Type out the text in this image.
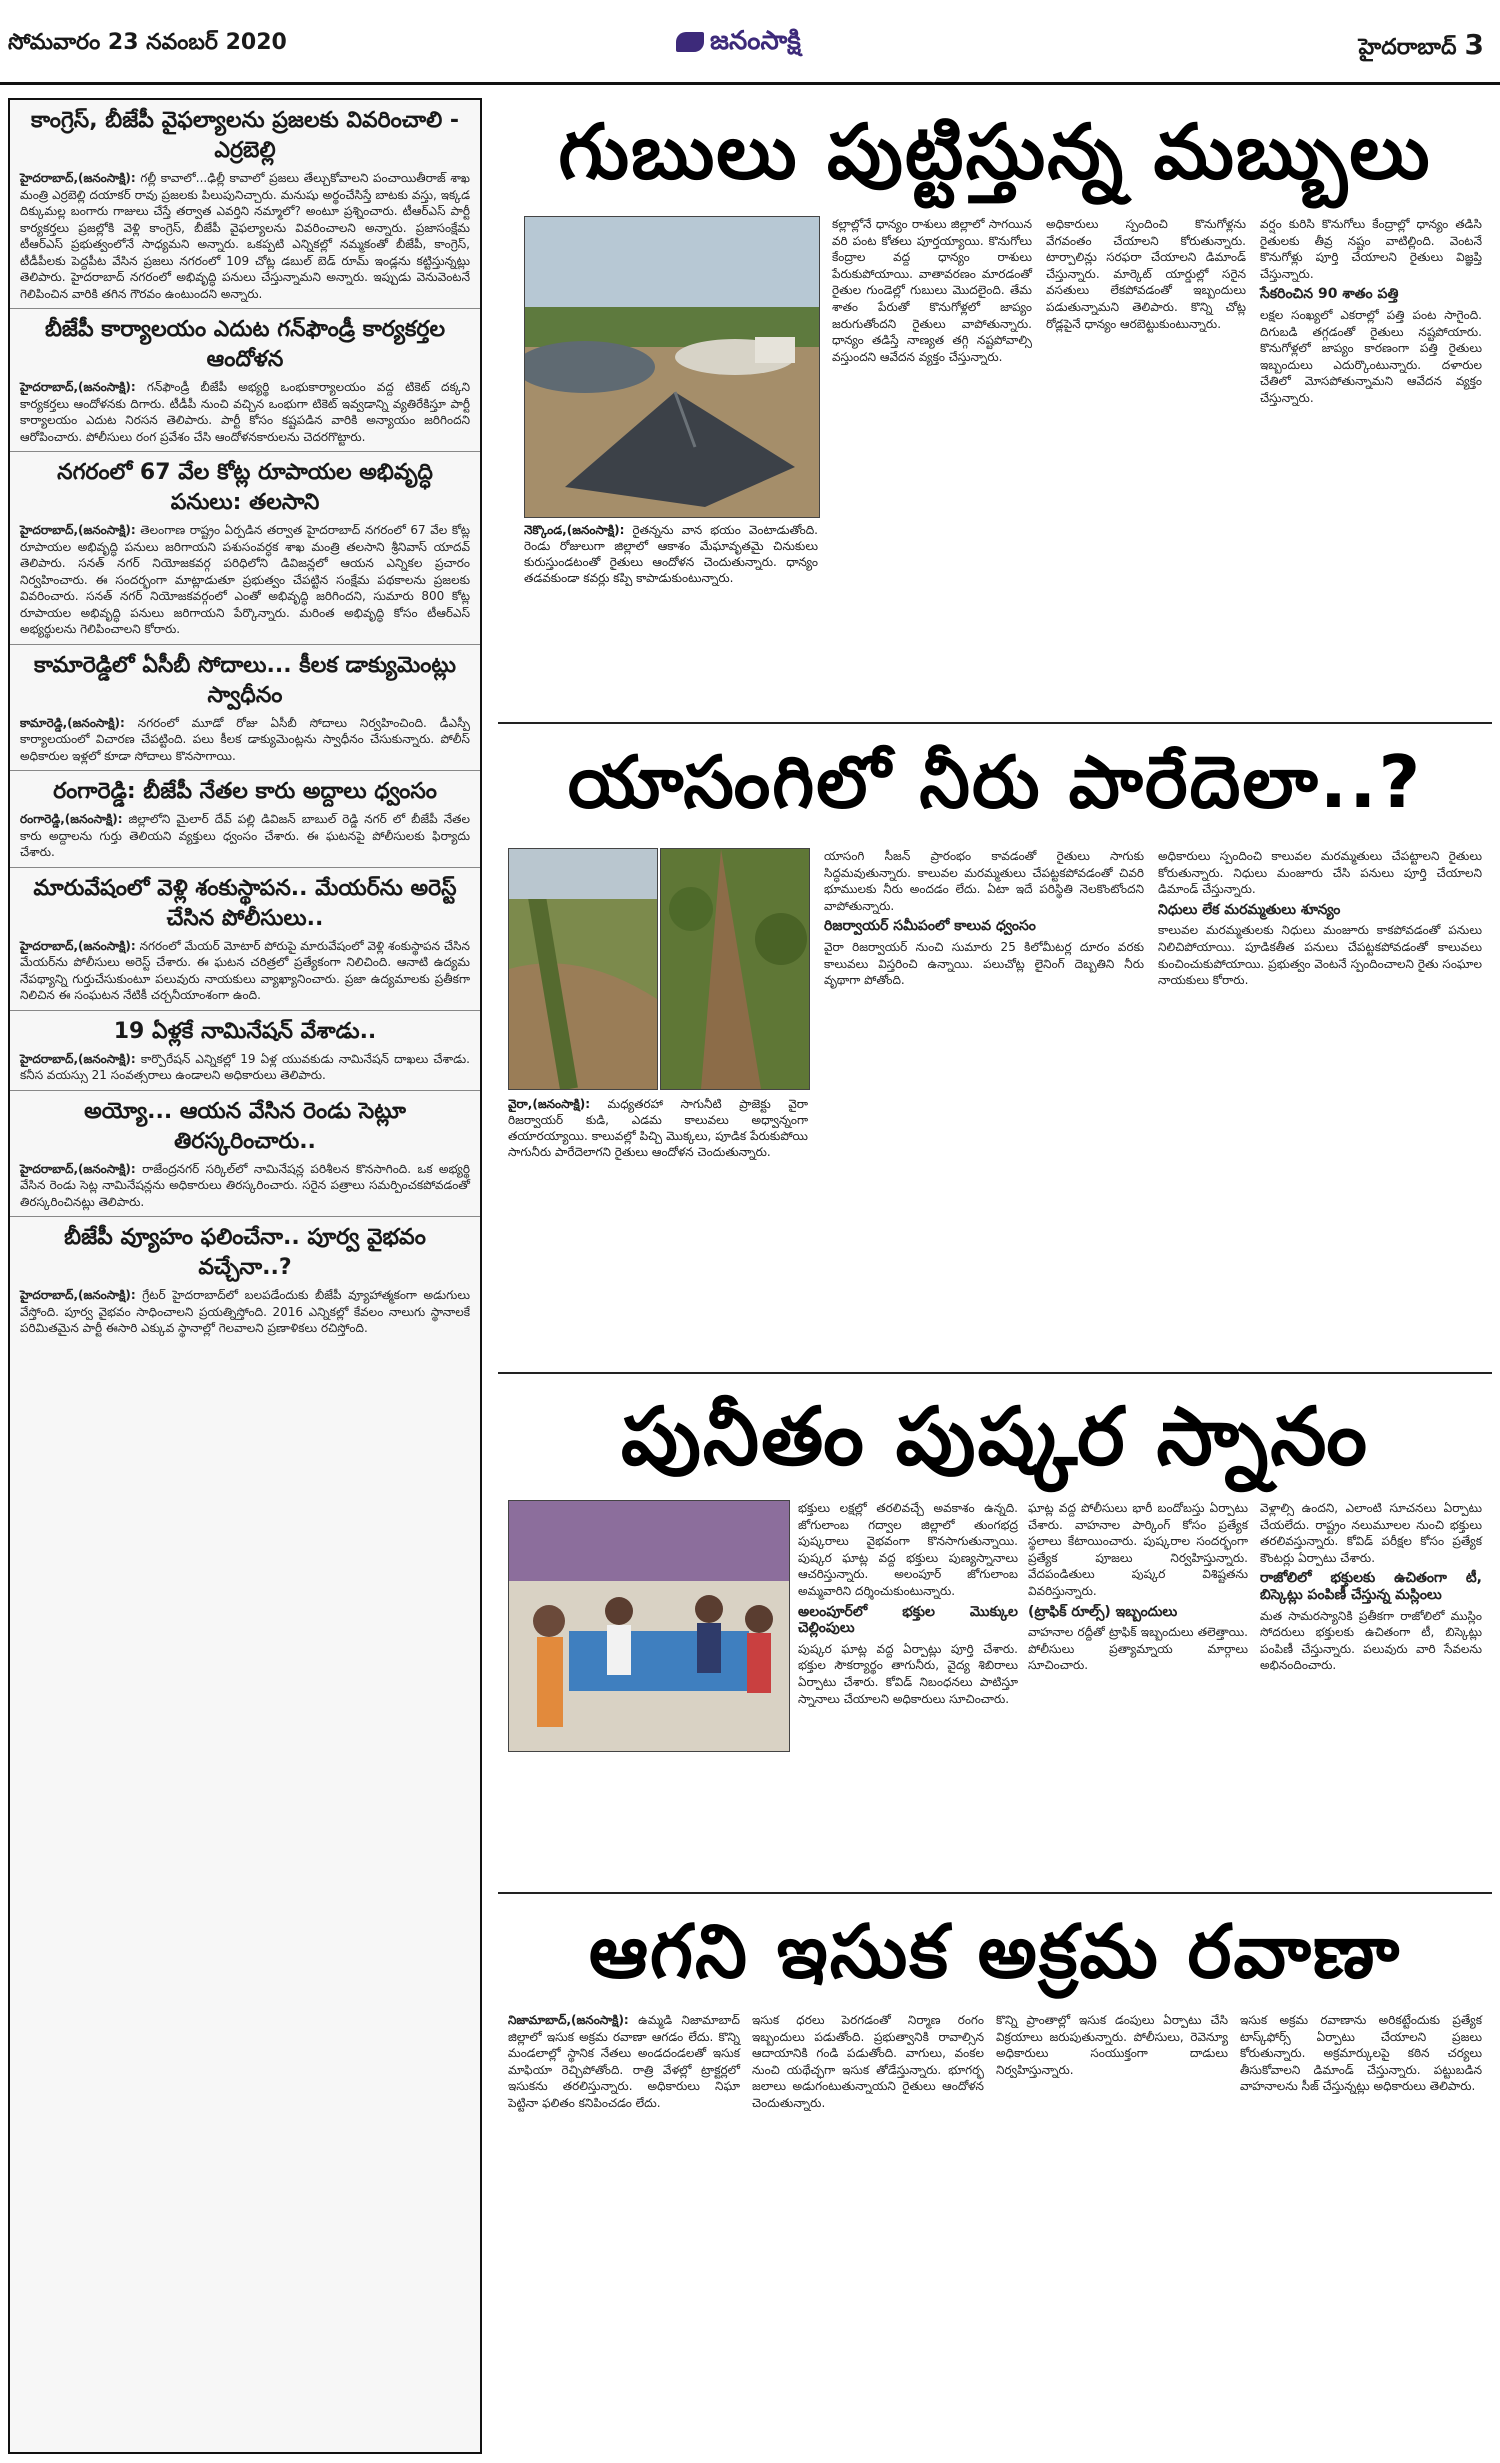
సోమవారం 23 నవంబర్ 2020	జనంసాక్షి	హైదరాబాద్ 3
కాంగ్రెస్, బీజేపీ వైఫల్యాలను ప్రజలకు వివరించాలి - ఎర్రబెల్లి

హైదరాబాద్,(జనంసాక్షి): గల్లీ కావాలో...ఢిల్లీ కావాలో ప్రజలు తేల్చుకోవాలని పంచాయితీరాజ్ శాఖ మంత్రి ఎర్రబెల్లి దయాకర్ రావు ప్రజలకు పిలుపునిచ్చారు. మనుషు అర్థంచేసిస్తే బాటకు వస్తు, ఇక్కడ దిక్కుమల్ల బంగారు గాజులు చేస్తే తర్వాత ఎవర్తిని నమ్మాలో? అంటూ ప్రశ్నించారు. టీఆర్ఎస్ పార్టీ కార్యకర్తలు ప్రజల్లోకి వెళ్లి కాంగ్రెస్, బీజేపీ వైఫల్యాలను వివరించాలని అన్నారు. ప్రజాసంక్షేమ టీఆర్ఎస్ ప్రభుత్వంలోనే సాధ్యమని అన్నారు. ఒకప్పటి ఎన్నికల్లో నమ్మకంతో బీజేపీ, కాంగ్రెస్, టీడీపీలకు పెద్దపీట వేసిన ప్రజలు నగరంలో 109 చోట్ల డబుల్ బెడ్ రూమ్ ఇండ్లను కట్టిస్తున్నట్లు తెలిపారు. హైదరాబాద్ నగరంలో అభివృద్ధి పనులు చేస్తున్నామని అన్నారు. ఇప్పుడు వెనువెంటనే గెలిపించిన వారికి తగిన గౌరవం ఉంటుందని అన్నారు.

బీజేపీ కార్యాలయం ఎదుట గన్‌ఫౌండ్రీ కార్యకర్తల ఆందోళన

హైదరాబాద్,(జనంసాక్షి): గన్‌ఫౌండ్రీ బీజేపీ అభ్యర్థి ఒంభుకార్యాలయం వద్ద టికెట్ దక్కని కార్యకర్తలు ఆందోళనకు దిగారు. టీడీపీ నుంచి వచ్చిన ఒంభుగా టికెట్ ఇవ్వడాన్ని వ్యతిరేకిస్తూ పార్టీ కార్యాలయం ఎదుట నిరసన తెలిపారు. పార్టీ కోసం కష్టపడిన వారికి అన్యాయం జరిగిందని ఆరోపించారు. పోలీసులు రంగ ప్రవేశం చేసి ఆందోళనకారులను చెదరగొట్టారు.

నగరంలో 67 వేల కోట్ల రూపాయల అభివృద్ధి పనులు: తలసాని

హైదరాబాద్,(జనంసాక్షి): తెలంగాణ రాష్ట్రం ఏర్పడిన తర్వాత హైదరాబాద్ నగరంలో 67 వేల కోట్ల రూపాయల అభివృద్ధి పనులు జరిగాయని పశుసంవర్ధక శాఖ మంత్రి తలసాని శ్రీనివాస్ యాదవ్ తెలిపారు. సనత్ నగర్ నియోజకవర్గ పరిధిలోని డివిజన్లలో ఆయన ఎన్నికల ప్రచారం నిర్వహించారు. ఈ సందర్భంగా మాట్లాడుతూ ప్రభుత్వం చేపట్టిన సంక్షేమ పథకాలను ప్రజలకు వివరించారు. సనత్ నగర్ నియోజకవర్గంలో ఎంతో అభివృద్ధి జరిగిందని, సుమారు 800 కోట్ల రూపాయల అభివృద్ధి పనులు జరిగాయని పేర్కొన్నారు. మరింత అభివృద్ధి కోసం టీఆర్ఎస్ అభ్యర్థులను గెలిపించాలని కోరారు.

కామారెడ్డిలో ఏసీబీ సోదాలు... కీలక డాక్యుమెంట్లు స్వాధీనం

కామారెడ్డి,(జనంసాక్షి): నగరంలో మూడో రోజు ఏసీబీ సోదాలు నిర్వహించింది. డీఎస్పీ కార్యాలయంలో విచారణ చేపట్టింది. పలు కీలక డాక్యుమెంట్లను స్వాధీనం చేసుకున్నారు. పోలీస్ అధికారుల ఇళ్లలో కూడా సోదాలు కొనసాగాయి.

రంగారెడ్డి: బీజేపీ నేతల కారు అద్దాలు ధ్వంసం

రంగారెడ్డి,(జనంసాక్షి): జిల్లాలోని మైలార్ దేవ్ పల్లి డివిజన్ బాబుల్ రెడ్డి నగర్ లో బీజేపీ నేతల కారు అద్దాలను గుర్తు తెలియని వ్యక్తులు ధ్వంసం చేశారు. ఈ ఘటనపై పోలీసులకు ఫిర్యాదు చేశారు.

మారువేషంలో వెళ్లి శంకుస్థాపన.. మేయర్‌ను అరెస్ట్ చేసిన పోలీసులు..

హైదరాబాద్,(జనంసాక్షి): నగరంలో మేయర్ మోటార్ పోరుపై మారువేషంలో వెళ్లి శంకుస్థాపన చేసిన మేయర్‌ను పోలీసులు అరెస్ట్ చేశారు. ఈ ఘటన చరిత్రలో ప్రత్యేకంగా నిలిచింది. ఆనాటి ఉద్యమ నేపథ్యాన్ని గుర్తుచేసుకుంటూ పలువురు నాయకులు వ్యాఖ్యానించారు. ప్రజా ఉద్యమాలకు ప్రతీకగా నిలిచిన ఈ సంఘటన నేటికీ చర్చనీయాంశంగా ఉంది.

19 ఏళ్లకే నామినేషన్ వేశాడు..

హైదరాబాద్,(జనంసాక్షి): కార్పొరేషన్ ఎన్నికల్లో 19 ఏళ్ల యువకుడు నామినేషన్ దాఖలు చేశాడు. కనీస వయస్సు 21 సంవత్సరాలు ఉండాలని అధికారులు తెలిపారు.

అయ్యో... ఆయన వేసిన రెండు సెట్లూ తిరస్కరించారు..

హైదరాబాద్,(జనంసాక్షి): రాజేంద్రనగర్ సర్కిల్‌లో నామినేషన్ల పరిశీలన కొనసాగింది. ఒక అభ్యర్థి వేసిన రెండు సెట్ల నామినేషన్లను అధికారులు తిరస్కరించారు. సరైన పత్రాలు సమర్పించకపోవడంతో తిరస్కరించినట్లు తెలిపారు.

బీజేపీ వ్యూహం ఫలించేనా.. పూర్వ వైభవం వచ్చేనా..?

హైదరాబాద్,(జనంసాక్షి): గ్రేటర్ హైదరాబాద్‌లో బలపడేందుకు బీజేపీ వ్యూహాత్మకంగా అడుగులు వేస్తోంది. పూర్వ వైభవం సాధించాలని ప్రయత్నిస్తోంది. 2016 ఎన్నికల్లో కేవలం నాలుగు స్థానాలకే పరిమితమైన పార్టీ ఈసారి ఎక్కువ స్థానాల్లో గెలవాలని ప్రణాళికలు రచిస్తోంది.

గుబులు పుట్టిస్తున్న మబ్బులు
నెక్కొండ,(జనంసాక్షి): రైతన్నను వాన భయం వెంటాడుతోంది. రెండు రోజులుగా జిల్లాలో ఆకాశం మేఘావృతమై చినుకులు కురుస్తుండటంతో రైతులు ఆందోళన చెందుతున్నారు. ధాన్యం తడవకుండా కవర్లు కప్పి కాపాడుకుంటున్నారు.
కల్లాల్లోనే ధాన్యం రాశులు జిల్లాలో సాగయిన వరి పంట కోతలు పూర్తయ్యాయి. కొనుగోలు కేంద్రాల వద్ద ధాన్యం రాశులు పేరుకుపోయాయి. వాతావరణం మారడంతో రైతుల గుండెల్లో గుబులు మొదలైంది. తేమ శాతం పేరుతో కొనుగోళ్లలో జాప్యం జరుగుతోందని రైతులు వాపోతున్నారు. ధాన్యం తడిస్తే నాణ్యత తగ్గి నష్టపోవాల్సి వస్తుందని ఆవేదన వ్యక్తం చేస్తున్నారు.
అధికారులు స్పందించి కొనుగోళ్లను వేగవంతం చేయాలని కోరుతున్నారు. టార్పాలిన్లు సరఫరా చేయాలని డిమాండ్ చేస్తున్నారు. మార్కెట్ యార్డుల్లో సరైన వసతులు లేకపోవడంతో ఇబ్బందులు పడుతున్నామని తెలిపారు. కొన్ని చోట్ల రోడ్లపైనే ధాన్యం ఆరబెట్టుకుంటున్నారు.
వర్షం కురిసి కొనుగోలు కేంద్రాల్లో ధాన్యం తడిసి రైతులకు తీవ్ర నష్టం వాటిల్లింది. వెంటనే కొనుగోళ్లు పూర్తి చేయాలని రైతులు విజ్ఞప్తి చేస్తున్నారు.
సేకరించిన 90 శాతం పత్తి
లక్షల సంఖ్యలో ఎకరాల్లో పత్తి పంట సాగైంది. దిగుబడి తగ్గడంతో రైతులు నష్టపోయారు. కొనుగోళ్లలో జాప్యం కారణంగా పత్తి రైతులు ఇబ్బందులు ఎదుర్కొంటున్నారు. దళారుల చేతిలో మోసపోతున్నామని ఆవేదన వ్యక్తం చేస్తున్నారు.
యాసంగిలో నీరు పారేదెలా..?
వైరా,(జనంసాక్షి): మధ్యతరహా సాగునీటి ప్రాజెక్టు వైరా రిజర్వాయర్ కుడి, ఎడమ కాలువలు అధ్వాన్నంగా తయారయ్యాయి. కాలువల్లో పిచ్చి మొక్కలు, పూడిక పేరుకుపోయి సాగునీరు పారేదెలాగని రైతులు ఆందోళన చెందుతున్నారు.
యాసంగి సీజన్ ప్రారంభం కావడంతో రైతులు సాగుకు సిద్ధమవుతున్నారు. కాలువల మరమ్మతులు చేపట్టకపోవడంతో చివరి భూములకు నీరు అందడం లేదు. ఏటా ఇదే పరిస్థితి నెలకొంటోందని వాపోతున్నారు.
రిజర్వాయర్ సమీపంలో కాలువ ధ్వంసం
వైరా రిజర్వాయర్ నుంచి సుమారు 25 కిలోమీటర్ల దూరం వరకు కాలువలు విస్తరించి ఉన్నాయి. పలుచోట్ల లైనింగ్ దెబ్బతిని నీరు వృథాగా పోతోంది.
అధికారులు స్పందించి కాలువల మరమ్మతులు చేపట్టాలని రైతులు కోరుతున్నారు. నిధులు మంజూరు చేసి పనులు పూర్తి చేయాలని డిమాండ్ చేస్తున్నారు.
నిధులు లేక మరమ్మతులు శూన్యం
కాలువల మరమ్మతులకు నిధులు మంజూరు కాకపోవడంతో పనులు నిలిచిపోయాయి. పూడికతీత పనులు చేపట్టకపోవడంతో కాలువలు కుంచించుకుపోయాయి. ప్రభుత్వం వెంటనే స్పందించాలని రైతు సంఘాల నాయకులు కోరారు.
పునీతం పుష్కర స్నానం
భక్తులు లక్షల్లో తరలివచ్చే అవకాశం ఉన్నది. జోగులాంబ గద్వాల జిల్లాలో తుంగభద్ర పుష్కరాలు వైభవంగా కొనసాగుతున్నాయి. పుష్కర ఘాట్ల వద్ద భక్తులు పుణ్యస్నానాలు ఆచరిస్తున్నారు. అలంపూర్ జోగులాంబ అమ్మవారిని దర్శించుకుంటున్నారు.
అలంపూర్‌లో భక్తుల మొక్కుల చెల్లింపులు
పుష్కర ఘాట్ల వద్ద ఏర్పాట్లు పూర్తి చేశారు. భక్తుల సౌకర్యార్థం తాగునీరు, వైద్య శిబిరాలు ఏర్పాటు చేశారు. కోవిడ్ నిబంధనలు పాటిస్తూ స్నానాలు చేయాలని అధికారులు సూచించారు.
ఘాట్ల వద్ద పోలీసులు భారీ బందోబస్తు ఏర్పాటు చేశారు. వాహనాల పార్కింగ్ కోసం ప్రత్యేక స్థలాలు కేటాయించారు. పుష్కరాల సందర్భంగా ప్రత్యేక పూజలు నిర్వహిస్తున్నారు. వేదపండితులు పుష్కర విశిష్టతను వివరిస్తున్నారు.
(ట్రాఫిక్ రూల్స్) ఇబ్బందులు
వాహనాల రద్దీతో ట్రాఫిక్ ఇబ్బందులు తలెత్తాయి. పోలీసులు ప్రత్యామ్నాయ మార్గాలు సూచించారు.
వెళ్లాల్సి ఉందని, ఎలాంటి సూచనలు ఏర్పాటు చేయలేదు. రాష్ట్రం నలుమూలల నుంచి భక్తులు తరలివస్తున్నారు. కోవిడ్ పరీక్షల కోసం ప్రత్యేక కౌంటర్లు ఏర్పాటు చేశారు.
రాజోలిలో భక్తులకు ఉచితంగా టీ, బిస్కెట్లు పంపిణీ చేస్తున్న మస్లింలు
మత సామరస్యానికి ప్రతీకగా రాజోలిలో ముస్లిం సోదరులు భక్తులకు ఉచితంగా టీ, బిస్కెట్లు పంపిణీ చేస్తున్నారు. పలువురు వారి సేవలను అభినందించారు.
ఆగని ఇసుక అక్రమ రవాణా
నిజామాబాద్,(జనంసాక్షి): ఉమ్మడి నిజామాబాద్ జిల్లాలో ఇసుక అక్రమ రవాణా ఆగడం లేదు. కొన్ని మండలాల్లో స్థానిక నేతలు అండదండలతో ఇసుక మాఫియా రెచ్చిపోతోంది. రాత్రి వేళల్లో ట్రాక్టర్లలో ఇసుకను తరలిస్తున్నారు. అధికారులు నిఘా పెట్టినా ఫలితం కనిపించడం లేదు.
ఇసుక ధరలు పెరగడంతో నిర్మాణ రంగం ఇబ్బందులు పడుతోంది. ప్రభుత్వానికి రావాల్సిన ఆదాయానికి గండి పడుతోంది. వాగులు, వంకల నుంచి యథేచ్ఛగా ఇసుక తోడేస్తున్నారు. భూగర్భ జలాలు అడుగంటుతున్నాయని రైతులు ఆందోళన చెందుతున్నారు.
కొన్ని ప్రాంతాల్లో ఇసుక డంపులు ఏర్పాటు చేసి విక్రయాలు జరుపుతున్నారు. పోలీసులు, రెవెన్యూ అధికారులు సంయుక్తంగా దాడులు నిర్వహిస్తున్నారు.
ఇసుక అక్రమ రవాణాను అరికట్టేందుకు ప్రత్యేక టాస్క్‌ఫోర్స్ ఏర్పాటు చేయాలని ప్రజలు కోరుతున్నారు. అక్రమార్కులపై కఠిన చర్యలు తీసుకోవాలని డిమాండ్ చేస్తున్నారు. పట్టుబడిన వాహనాలను సీజ్ చేస్తున్నట్లు అధికారులు తెలిపారు.
